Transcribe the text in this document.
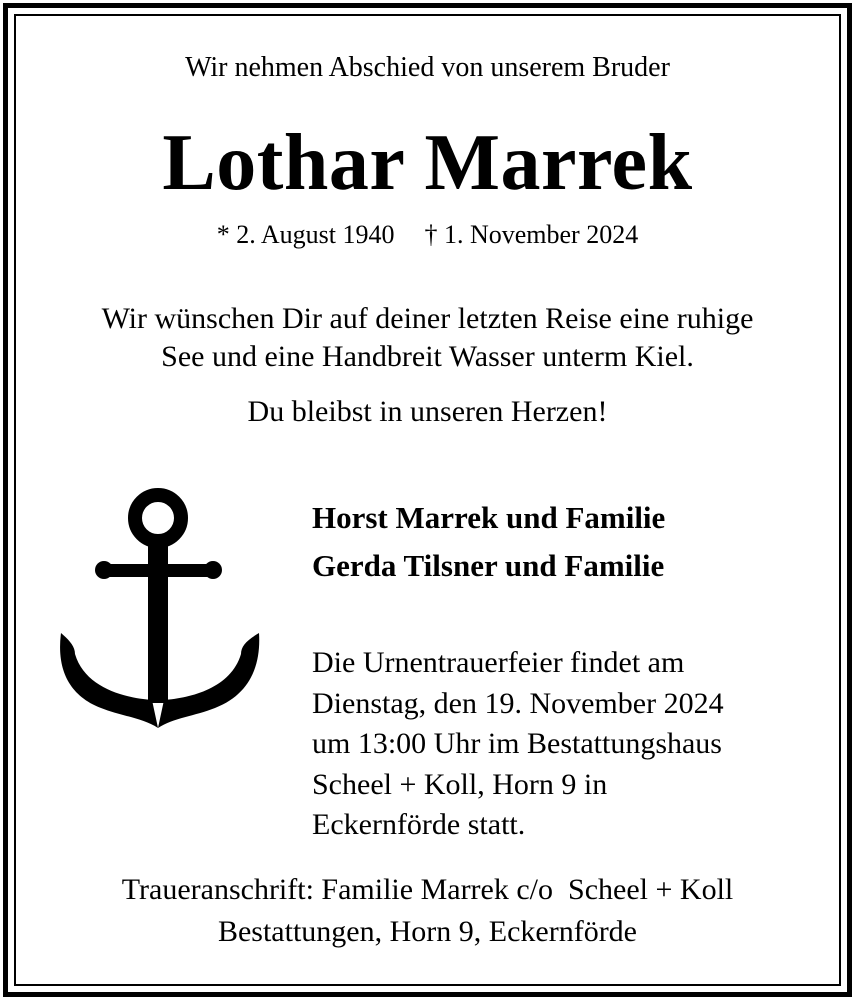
Wir nehmen Abschied von unserem Bruder
Lothar Marrek
* 2. August 1940 † 1. November 2024
Wir wünschen Dir auf deiner letzten Reise eine ruhige
See und eine Handbreit Wasser unterm Kiel.
Du bleibst in unseren Herzen!
Horst Marrek und Familie
Gerda Tilsner und Familie
Die Urnentrauerfeier findet am
Dienstag, den 19. November 2024
um 13:00 Uhr im Bestattungshaus
Scheel + Koll, Horn 9 in
Eckernförde statt.
Traueranschrift: Familie Marrek c/o  Scheel + Koll
Bestattungen, Horn 9, Eckernförde
